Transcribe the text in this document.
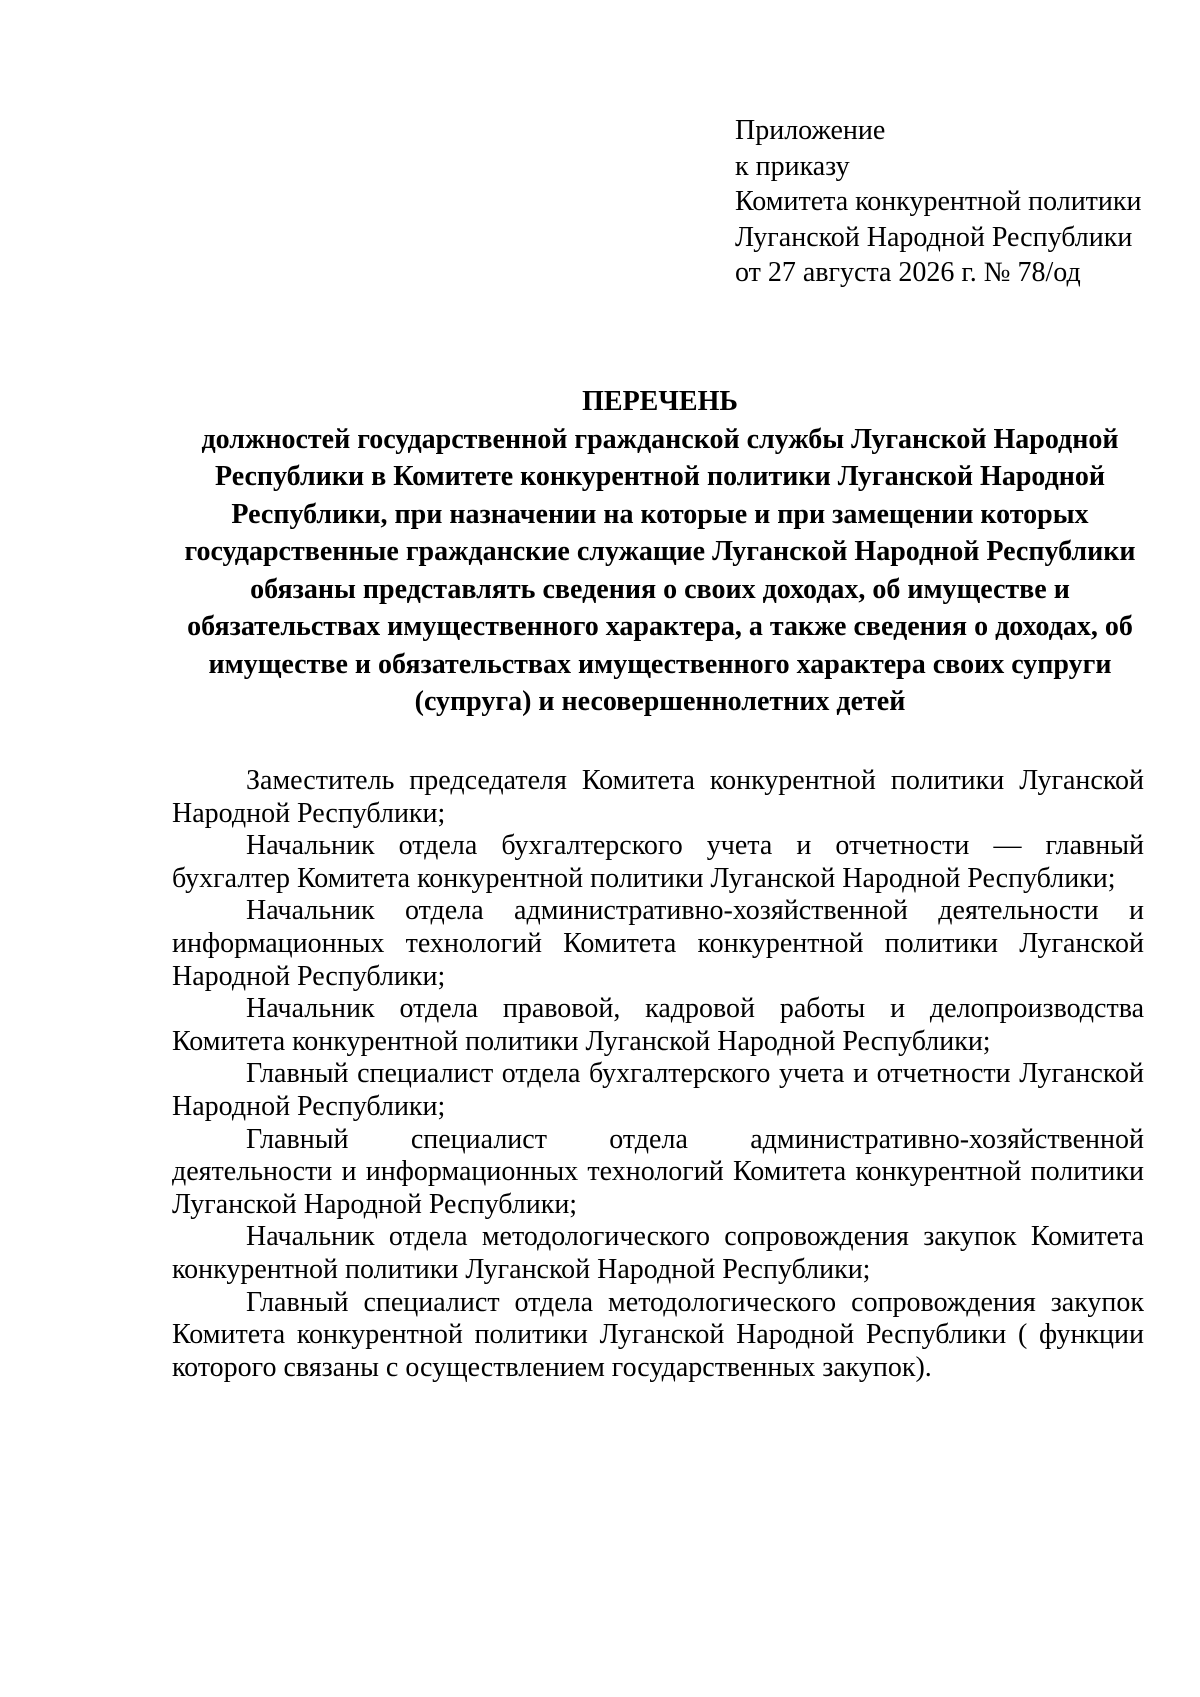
Приложение
к приказу
Комитета конкурентной политики
Луганской Народной Республики
от 27 августа 2026 г. № 78/од
ПЕРЕЧЕНЬ
должностей государственной гражданской службы Луганской Народной Республики в Комитете конкурентной политики Луганской Народной Республики, при назначении на которые и при замещении которых государственные гражданские служащие Луганской Народной Республики обязаны представлять сведения о своих доходах, об имуществе и обязательствах имущественного характера, а также сведения о доходах, об имуществе и обязательствах имущественного характера своих супруги (супруга) и несовершеннолетних детей

Заместитель председателя Комитета конкурентной политики Луганской Народной Республики;

Начальник отдела бухгалтерского учета и отчетности — главный бухгалтер Комитета конкурентной политики Луганской Народной Республики;

Начальник отдела административно-хозяйственной деятельности и информационных технологий Комитета конкурентной политики Луганской Народной Республики;

Начальник отдела правовой, кадровой работы и делопроизводства Комитета конкурентной политики Луганской Народной Республики;

Главный специалист отдела бухгалтерского учета и отчетности Луганской Народной Республики;

Главный специалист отдела административно-хозяйственной деятельности и информационных технологий Комитета конкурентной политики Луганской Народной Республики;

Начальник отдела методологического сопровождения закупок Комитета конкурентной политики Луганской Народной Республики;

Главный специалист отдела методологического сопровождения закупок Комитета конкурентной политики Луганской Народной Республики ( функции которого связаны с осуществлением государственных закупок).
